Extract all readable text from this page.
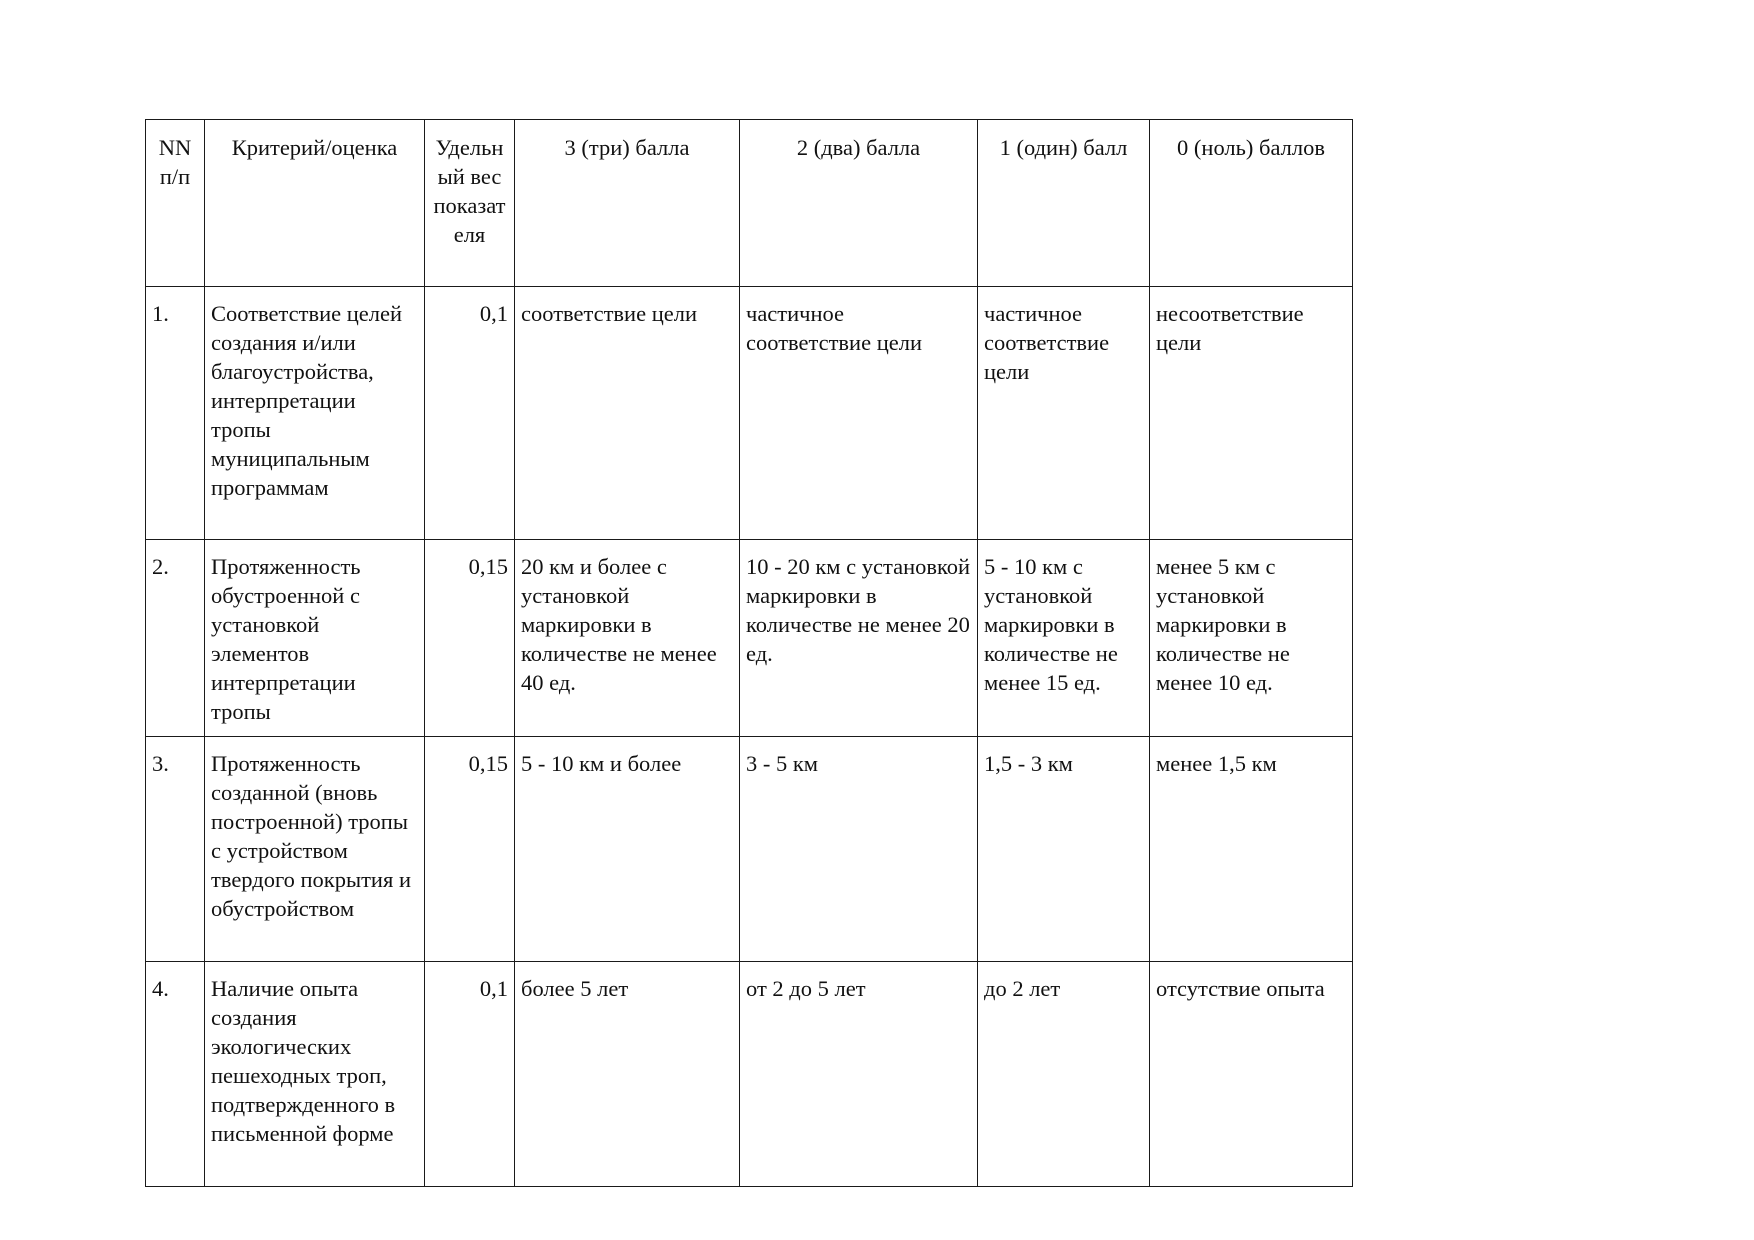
NN п/п	Критерий/оценка	Удельный вес показателя	3 (три) балла	2 (два) балла	1 (один) балл	0 (ноль) баллов
1.	Соответствие целей создания и/или благоустройства, интерпретации тропы муниципальным программам	0,1	соответствие цели	частичное соответствие цели	частичное соответствие цели	несоответствие цели
2.	Протяженность обустроенной с установкой элементов интерпретации тропы	0,15	20 км и более с установкой маркировки в количестве не менее 40 ед.	10 - 20 км с установкой маркировки в количестве не менее 20 ед.	5 - 10 км с установкой маркировки в количестве не менее 15 ед.	менее 5 км с установкой маркировки в количестве не менее 10 ед.
3.	Протяженность созданной (вновь построенной) тропы с устройством твердого покрытия и обустройством	0,15	5 - 10 км и более	3 - 5 км	1,5 - 3 км	менее 1,5 км
4.	Наличие опыта создания экологических пешеходных троп, подтвержденного в письменной форме	0,1	более 5 лет	от 2 до 5 лет	до 2 лет	отсутствие опыта
